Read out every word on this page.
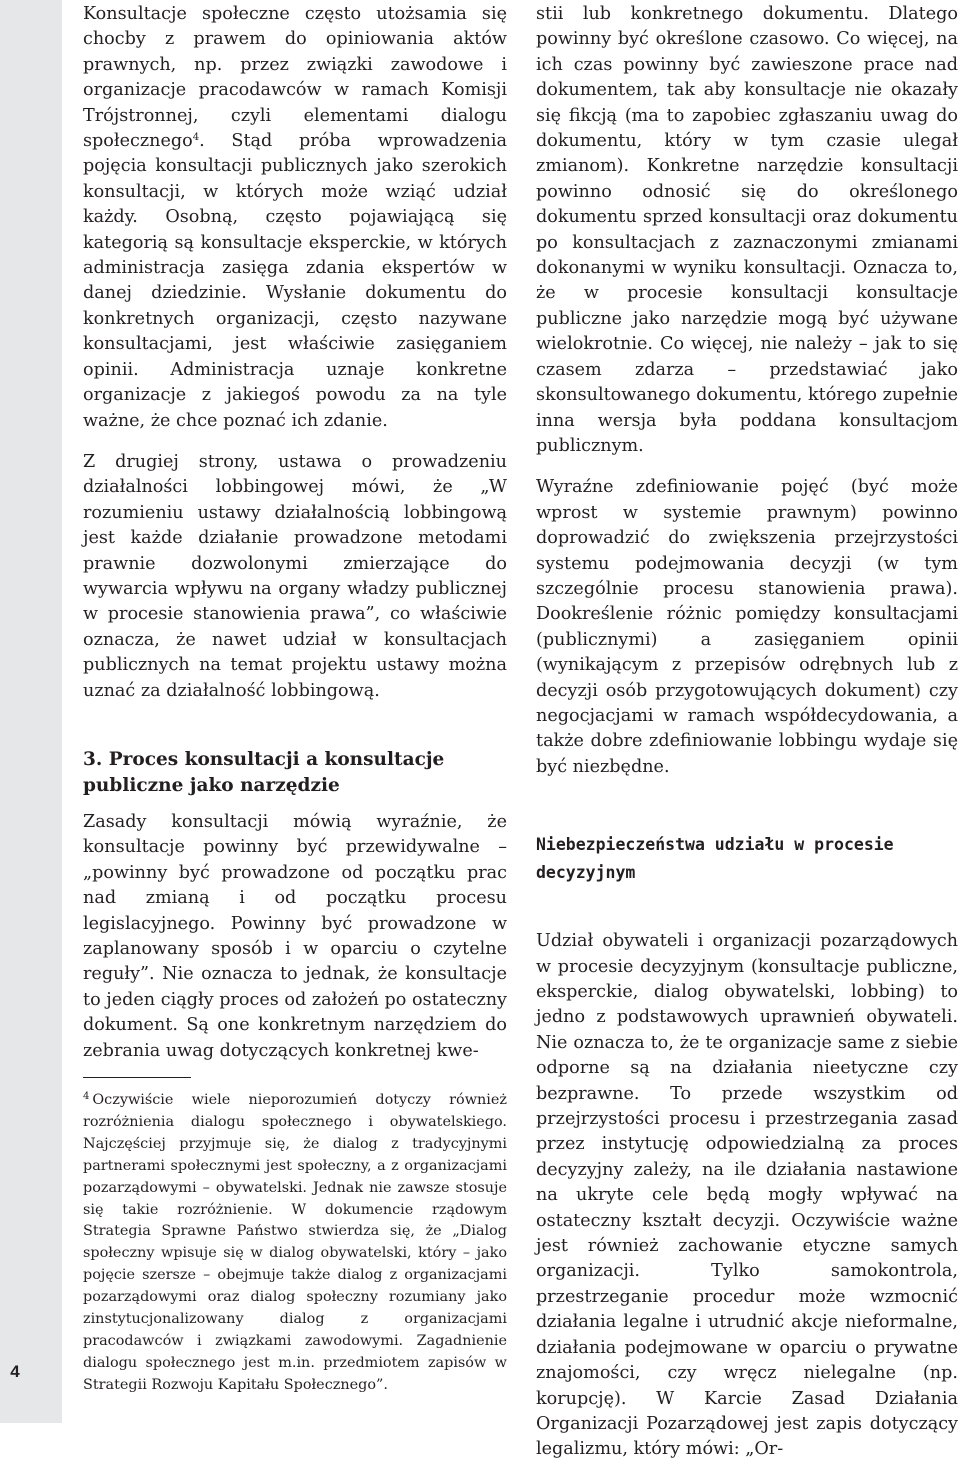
4

Konsultacje społeczne często utożsamia się chocby z prawem do opiniowania aktów prawnych, np. przez związki zawodowe i organizacje pracodawców w ramach Komisji Trójstronnej, czyli elementami dialogu społecznego$^4$. Stąd próba wprowadzenia pojęcia konsultacji publicznych jako szerokich konsultacji, w których może wziąć udział każdy. Osobną, często pojawiającą się kategorią są konsultacje eksperckie, w których administracja zasięga zdania ekspertów w danej dziedzinie. Wysłanie dokumentu do konkretnych organizacji, często nazywane konsultacjami, jest właściwie zasięganiem opinii. Administracja uznaje konkretne organizacje z jakiegoś powodu za na tyle ważne, że chce poznać ich zdanie.

Z drugiej strony, ustawa o prowadzeniu działalności lobbingowej mówi, że „W rozumieniu ustawy działalnością lobbingową jest każde działanie prowadzone metodami prawnie dozwolonymi zmierzające do wywarcia wpływu na organy władzy publicznej w procesie stanowienia prawa”, co właściwie oznacza, że nawet udział w konsultacjach publicznych na temat projektu ustawy można uznać za działalność lobbingową.

3. Proces konsultacji a konsultacje publiczne jako narzędzie

Zasady konsultacji mówią wyraźnie, że konsultacje powinny być przewidywalne – „powinny być prowadzone od początku prac nad zmianą i od początku procesu legislacyjnego. Powinny być prowadzone w zaplanowany sposób i w oparciu o czytelne reguły”. Nie oznacza to jednak, że konsultacje to jeden ciągły proces od założeń po ostateczny dokument. Są one konkretnym narzędziem do zebrania uwag dotyczących konkretnej kwe-

$^4$ Oczywiście wiele nieporozumień dotyczy również rozróżnienia dialogu społecznego i obywatelskiego. Najczęściej przyjmuje się, że dialog z tradycyjnymi partnerami społecznymi jest społeczny, a z organizacjami pozarządowymi – obywatelski. Jednak nie zawsze stosuje się takie rozróżnienie. W dokumencie rządowym Strategia Sprawne Państwo stwierdza się, że „Dialog społeczny wpisuje się w dialog obywatelski, który – jako pojęcie szersze – obejmuje także dialog z organizacjami pozarządowymi oraz dialog społeczny rozumiany jako zinstytucjonalizowany dialog z organizacjami pracodawców i związkami zawodowymi. Zagadnienie dialogu społecznego jest m.in. przedmiotem zapisów w Strategii Rozwoju Kapitału Społecznego”.

stii lub konkretnego dokumentu. Dlatego powinny być określone czasowo. Co więcej, na ich czas powinny być zawieszone prace nad dokumentem, tak aby konsultacje nie okazały się fikcją (ma to zapobiec zgłaszaniu uwag do dokumentu, który w tym czasie ulegał zmianom). Konkretne narzędzie konsultacji powinno odnosić się do określonego dokumentu sprzed konsultacji oraz dokumentu po konsultacjach z zaznaczonymi zmianami dokonanymi w wyniku konsultacji. Oznacza to, że w procesie konsultacji konsultacje publiczne jako narzędzie mogą być używane wielokrotnie. Co więcej, nie należy – jak to się czasem zdarza – przedstawiać jako skonsultowanego dokumentu, którego zupełnie inna wersja była poddana konsultacjom publicznym.

Wyraźne zdefiniowanie pojęć (być może wprost w systemie prawnym) powinno doprowadzić do zwiększenia przejrzystości systemu podejmowania decyzji (w tym szczególnie procesu stanowienia prawa). Dookreślenie różnic pomiędzy konsultacjami (publicznymi) a zasięganiem opinii (wynikającym z przepisów odrębnych lub z decyzji osób przygotowujących dokument) czy negocjacjami w ramach współdecydowania, a także dobre zdefiniowanie lobbingu wydaje się być niezbędne.

Niebezpieczeństwa udziału w procesie decyzyjnym

Udział obywateli i organizacji pozarządowych w procesie decyzyjnym (konsultacje publiczne, eksperckie, dialog obywatelski, lobbing) to jedno z podstawowych uprawnień obywateli. Nie oznacza to, że te organizacje same z siebie odporne są na działania nieetyczne czy bezprawne. To przede wszystkim od przejrzystości procesu i przestrzegania zasad przez instytucję odpowiedzialną za proces decyzyjny zależy, na ile działania nastawione na ukryte cele będą mogły wpływać na ostateczny kształt decyzji. Oczywiście ważne jest również zachowanie etyczne samych organizacji. Tylko samokontrola, przestrzeganie procedur może wzmocnić działania legalne i utrudnić akcje nieformalne, działania podejmowane w oparciu o prywatne znajomości, czy wręcz nielegalne (np. korupcję). W Karcie Zasad Działania Organizacji Pozarządowej jest zapis dotyczący legalizmu, który mówi: „Or-
